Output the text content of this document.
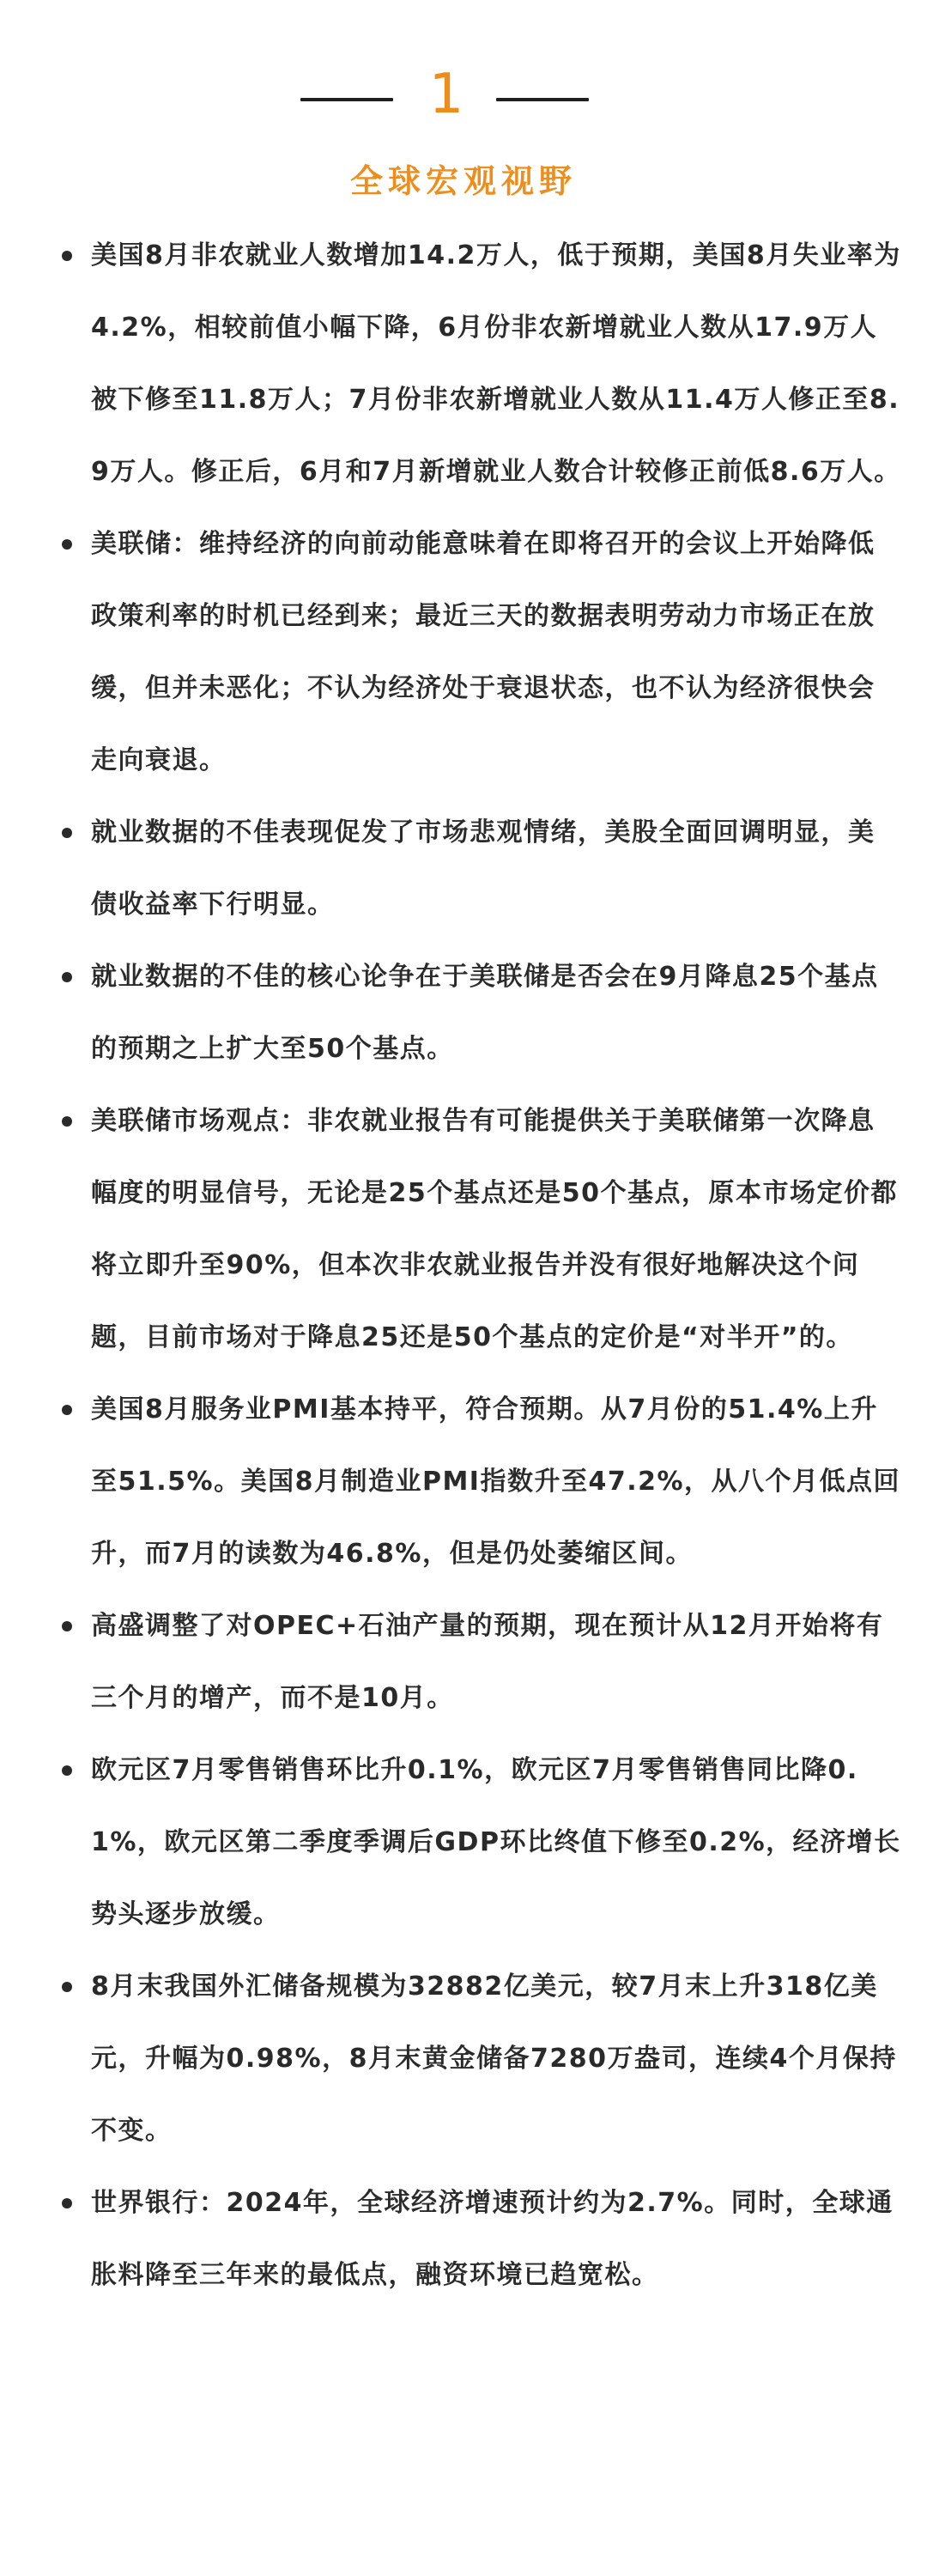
1
全球宏观视野
美国8月非农就业人数增加14.2万人，低于预期，美国8月失业率为4.2%，相较前值小幅下降，6月份非农新增就业人数从17.9万人被下修至11.8万人；7月份非农新增就业人数从11.4万人修正至8.9万人。修正后，6月和7月新增就业人数合计较修正前低8.6万人。
美联储：维持经济的向前动能意味着在即将召开的会议上开始降低政策利率的时机已经到来；最近三天的数据表明劳动力市场正在放缓，但并未恶化；不认为经济处于衰退状态，也不认为经济很快会走向衰退。
就业数据的不佳表现促发了市场悲观情绪，美股全面回调明显，美债收益率下行明显。
就业数据的不佳的核心论争在于美联储是否会在9月降息25个基点的预期之上扩大至50个基点。
美联储市场观点：非农就业报告有可能提供关于美联储第一次降息幅度的明显信号，无论是25个基点还是50个基点，原本市场定价都将立即升至90%，但本次非农就业报告并没有很好地解决这个问题，目前市场对于降息25还是50个基点的定价是“对半开”的。
美国8月服务业PMI基本持平，符合预期。从7月份的51.4%上升至51.5%。美国8月制造业PMI指数升至47.2%，从八个月低点回升，而7月的读数为46.8%，但是仍处萎缩区间。
高盛调整了对OPEC+石油产量的预期，现在预计从12月开始将有三个月的增产，而不是10月。
欧元区7月零售销售环比升0.1%，欧元区7月零售销售同比降0.1%，欧元区第二季度季调后GDP环比终值下修至0.2%，经济增长势头逐步放缓。
8月末我国外汇储备规模为32882亿美元，较7月末上升318亿美元，升幅为0.98%，8月末黄金储备7280万盎司，连续4个月保持不变。
世界银行：2024年，全球经济增速预计约为2.7%。同时，全球通胀料降至三年来的最低点，融资环境已趋宽松。
